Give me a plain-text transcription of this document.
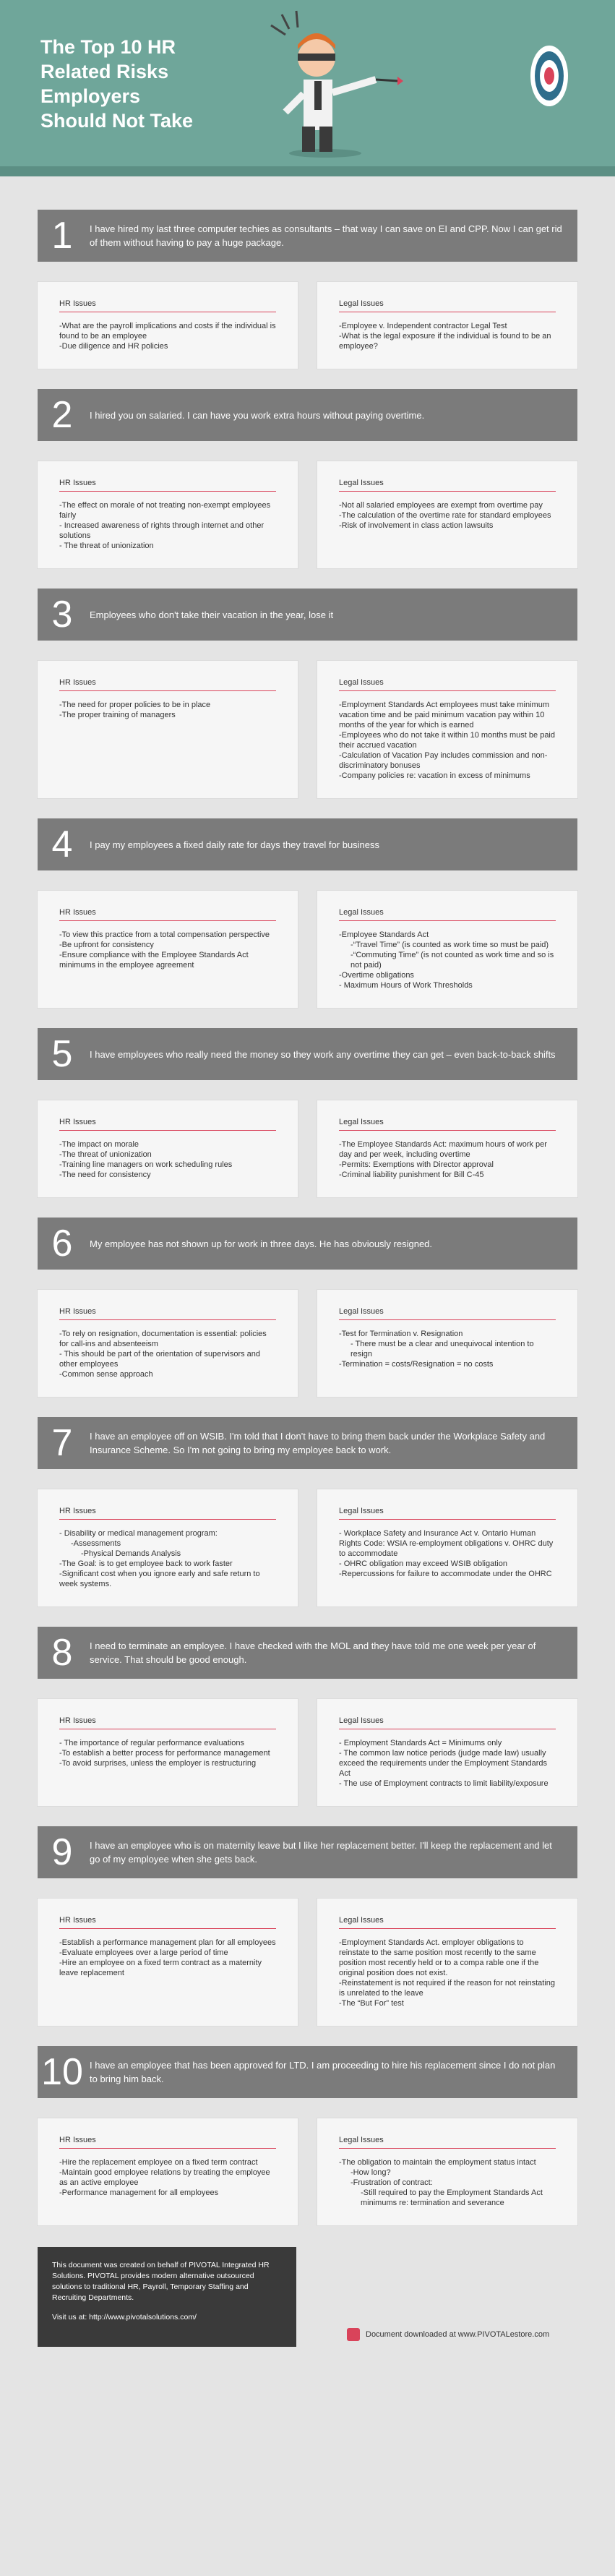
The Top 10 HR
Related Risks
Employers
Should Not Take
1	I have hired my last three computer techies as consultants – that way I can save on EI and CPP. Now I can get rid of them without having to pay a huge package.
HR Issues
-What are the payroll implications and costs if the individual is found to be an employee
-Due diligence and HR policies
Legal Issues
-Employee v. Independent contractor Legal Test
-What is the legal exposure if the individual is found to be an employee?
2	I hired you on salaried. I can have you work extra hours without paying overtime.
HR Issues
-The effect on morale of not treating non-exempt employees fairly
- Increased awareness of rights through internet and other solutions
- The threat of unionization
Legal Issues
-Not all salaried employees are exempt from overtime pay
-The calculation of the overtime rate for standard employees
-Risk of involvement in class action lawsuits
3	Employees who don't take their vacation in the year, lose it
HR Issues
-The need for proper policies to be in place
-The proper training of managers
Legal Issues
-Employment Standards Act employees must take minimum vacation time and be paid minimum vacation pay within 10 months of the year for which is earned
-Employees who do not take it within 10 months must be paid their accrued vacation
-Calculation of Vacation Pay includes commission and non-discriminatory bonuses
-Company policies re: vacation in excess of minimums
4	I pay my employees a fixed daily rate for days they travel for business
HR Issues
-To view this practice from a total compensation perspective
-Be upfront for consistency
-Ensure compliance with the Employee Standards Act minimums in the employee agreement
Legal Issues
-Employee Standards Act
-“Travel Time” (is counted as work time so must be paid)
-“Commuting Time” (is not counted as work time and so is not paid)
-Overtime obligations
- Maximum Hours of Work Thresholds
5	I have employees who really need the money so they work any overtime they can get – even back-to-back shifts
HR Issues
-The impact on morale
-The threat of unionization
-Training line managers on work scheduling rules
-The need for consistency
Legal Issues
-The Employee Standards Act: maximum hours of work per day and per week, including overtime
-Permits: Exemptions with Director approval
-Criminal liability punishment for Bill C-45
6	My employee has not shown up for work in three days. He has obviously resigned.
HR Issues
-To rely on resignation, documentation is essential: policies for call-ins and absenteeism
- This should be part of the orientation of supervisors and other employees
-Common sense approach
Legal Issues
-Test for Termination v. Resignation
- There must be a clear and unequivocal intention to resign
-Termination = costs/Resignation = no costs
7	I have an employee off on WSIB. I'm told that I don't have to bring them back under the Workplace Safety and Insurance Scheme. So I'm not going to bring my employee back to work.
HR Issues
- Disability or medical management program:
-Assessments
-Physical Demands Analysis
-The Goal: is to get employee back to work faster
-Significant cost when you ignore early and safe return to week systems.
Legal Issues
- Workplace Safety and Insurance Act v. Ontario Human Rights Code: WSIA re-employment obligations v. OHRC duty to accommodate
- OHRC obligation may exceed WSIB obligation
-Repercussions for failure to accommodate under the OHRC
8	I need to terminate an employee. I have checked with the MOL and they have told me one week per year of service. That should be good enough.
HR Issues
- The importance of regular performance evaluations
-To establish a better process for performance management
-To avoid surprises, unless the employer is restructuring
Legal Issues
- Employment Standards Act = Minimums only
- The common law notice periods (judge made law) usually exceed the requirements under the Employment Standards Act
- The use of Employment contracts to limit liability/exposure
9	I have an employee who is on maternity leave but I like her replacement better. I'll keep the replacement and let go of my employee when she gets back.
HR Issues
-Establish a performance management plan for all employees
-Evaluate employees over a large period of time
-Hire an employee on a fixed term contract as a maternity leave replacement
Legal Issues
-Employment Standards Act. employer obligations to reinstate to the same position most recently to the same position most recently held or to a compa rable one if the original position does not exist.
-Reinstatement is not required if the reason for not reinstating is unrelated to the leave
-The “But For” test
10 I have an employee that has been approved for LTD. I am proceeding to hire his replacement since I do not plan to bring him back.
HR Issues
-Hire the replacement employee on a fixed term contract
-Maintain good employee relations by treating the employee as an active employee
-Performance management for all employees
Legal Issues
-The obligation to maintain the employment status intact
-How long?
-Frustration of contract:
-Still required to pay the Employment Standards Act minimums re: termination and severance

This document was created on behalf of PIVOTAL Integrated HR Solutions. PIVOTAL provides modern alternative outsourced solutions to traditional HR, Payroll, Temporary Staffing and Recruiting Departments.

Visit us at: http://www.pivotalsolutions.com/

Document downloaded at www.PIVOTALestore.com
